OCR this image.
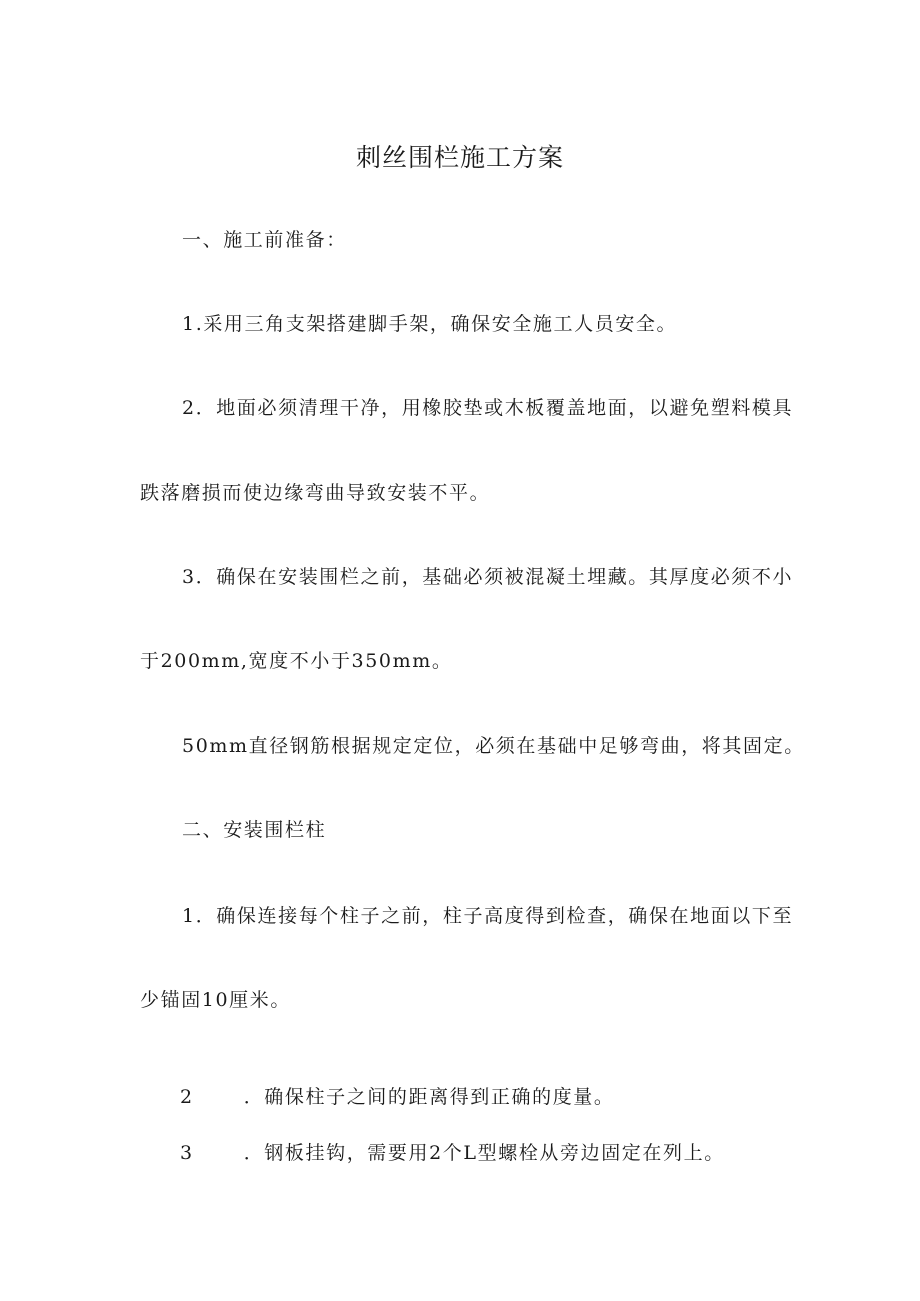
刺丝围栏施工方案
一、施工前准备：
1.采用三角支架搭建脚手架，确保安全施工人员安全。
2．地面必须清理干净，用橡胶垫或木板覆盖地面，以避免塑料模具
跌落磨损而使边缘弯曲导致安装不平。
3．确保在安装围栏之前，基础必须被混凝土埋藏。其厚度必须不小
于200mm,宽度不小于350mm。
50mm直径钢筋根据规定定位，必须在基础中足够弯曲，将其固定。
二、安装围栏柱
1．确保连接每个柱子之前，柱子高度得到检查，确保在地面以下至
少锚固10厘米。
2	．确保柱子之间的距离得到正确的度量。
3	．钢板挂钩，需要用2个L型螺栓从旁边固定在列上。
